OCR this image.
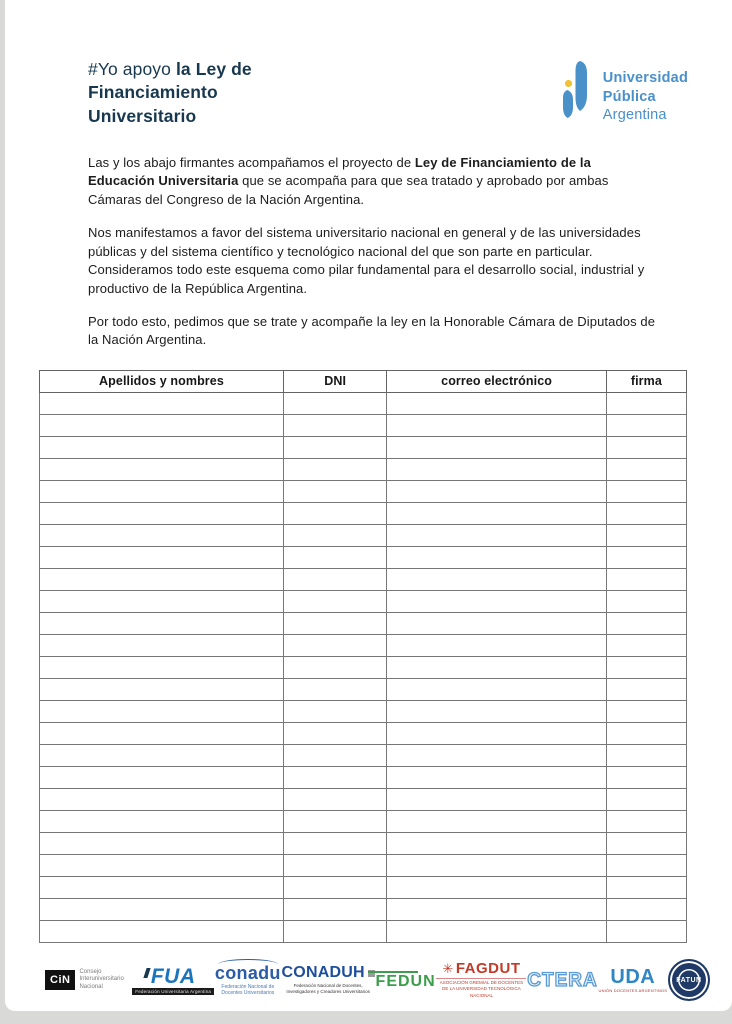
#Yo apoyo la Ley de Financiamiento Universitario
Universidad
Pública
Argentina

Las y los abajo firmantes acompañamos el proyecto de Ley de Financiamiento de la Educación Universitaria que se acompaña para que sea tratado y aprobado por ambas Cámaras del Congreso de la Nación Argentina.

Nos manifestamos a favor del sistema universitario nacional en general y de las universidades públicas y del sistema científico y tecnológico nacional del que son parte en particular. Consideramos todo este esquema como pilar fundamental para el desarrollo social, industrial y productivo de la República Argentina.

Por todo esto, pedimos que se trate y acompañe la ley en la Honorable Cámara de Diputados de la Nación Argentina.

Apellidos y nombres	DNI	correo electrónico	firma

CiN
Consejo Interuniversitario Nacional	FUA
Federación Universitaria Argentina
conadu
Federación Nacional de Docentes Universitarios
CONADUH
Federación Nacional de Docentes, Investigadores y Creadores Universitarios
FEDUN
✳ FAGDUT
ASOCIACIÓN GREMIAL DE DOCENTES DE LA UNIVERSIDAD TECNOLÓGICA NACIONAL
CTERA UDA
UNIÓN DOCENTES ARGENTINOS
FATUN
